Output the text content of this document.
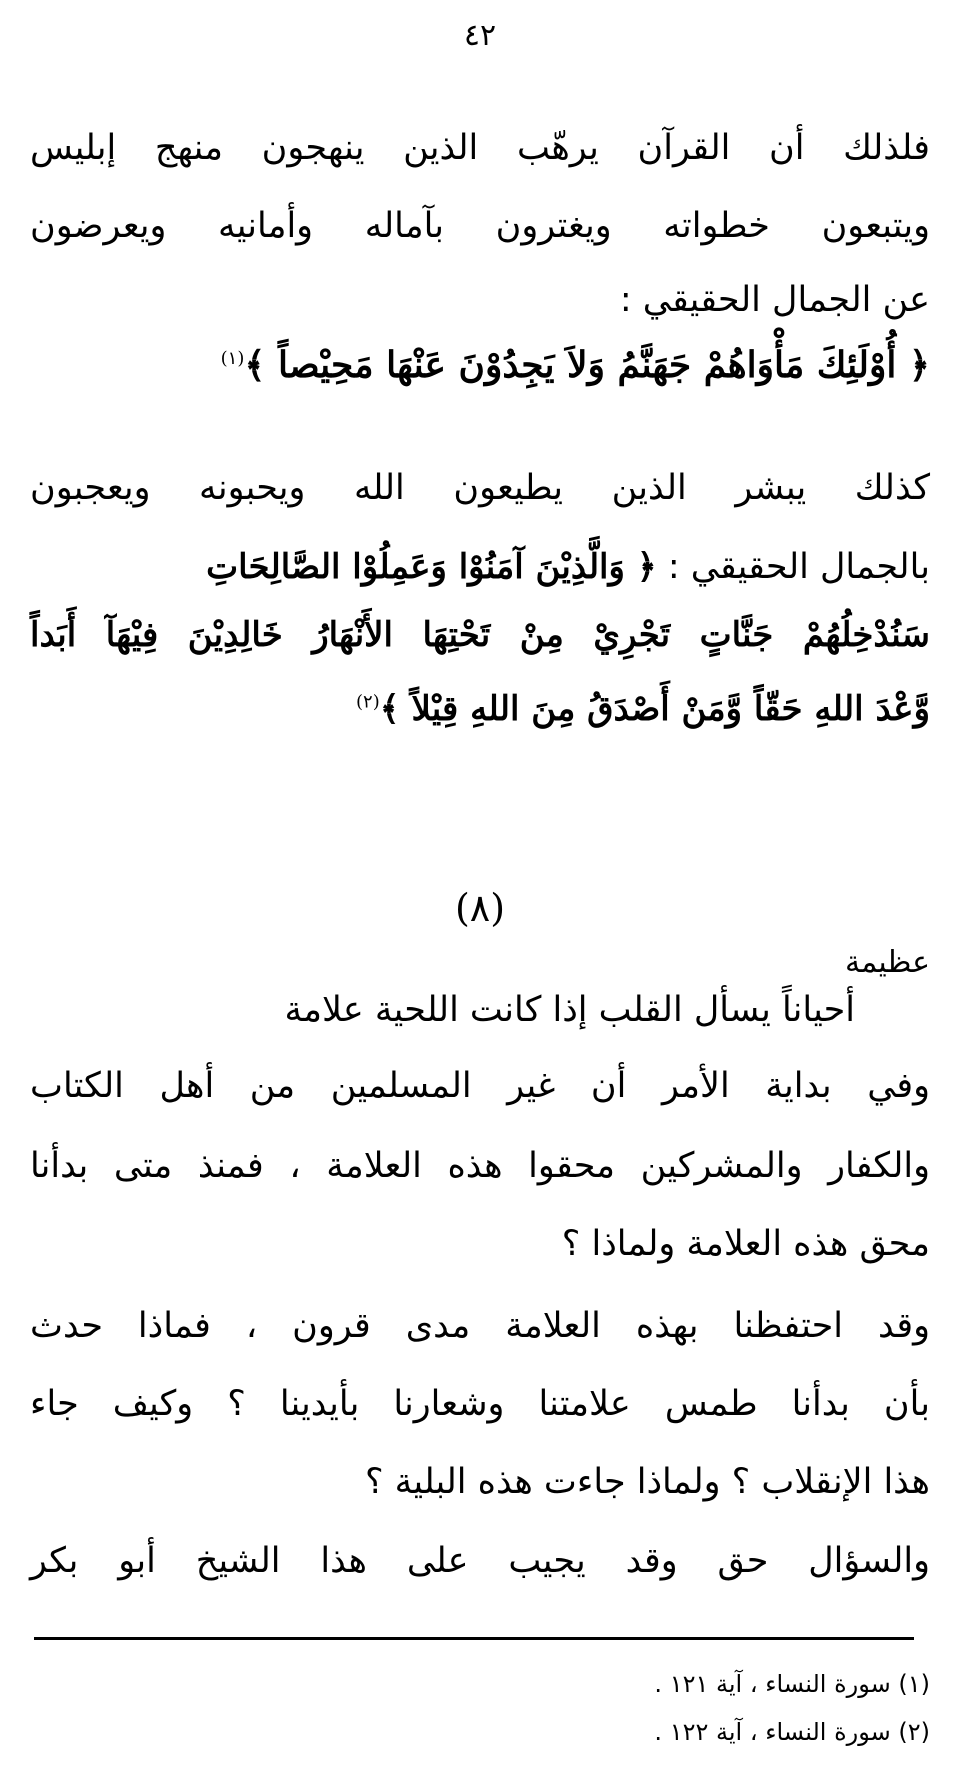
٤٢
فلذلك أن القرآن يرهّب الذين ينهجون منهج إبليس
ويتبعون خطواته ويغترون بآماله وأمانيه ويعرضون
عن الجمال الحقيقي :
﴿ أُوْلَئِكَ مَأْوَاهُمْ جَهَنَّمُ وَلاَ يَجِدُوْنَ عَنْهَا مَحِيْصاً ﴾$^{(١)}$
كذلك يبشر الذين يطيعون الله ويحبونه ويعجبون
بالجمال الحقيقي : ﴿ وَالَّذِيْنَ آمَنُوْا وَعَمِلُوْا الصَّالِحَاتِ
سَنُدْخِلُهُمْ جَنَّاتٍ تَجْرِيْ مِنْ تَحْتِهَا الأَنْهَارُ خَالِدِيْنَ فِيْهَآ أَبَداً
وَّعْدَ اللهِ حَقّاً وَّمَنْ أَصْدَقُ مِنَ اللهِ قِيْلاً ﴾$^{(٢)}$
(٨)
عظيمة
أحياناً يسأل القلب إذا كانت اللحية علامة
وفي بداية الأمر أن غير المسلمين من أهل الكتاب
والكفار والمشركين محقوا هذه العلامة ، فمنذ متى بدأنا
محق هذه العلامة ولماذا ؟
وقد احتفظنا بهذه العلامة مدى قرون ، فماذا حدث
بأن بدأنا طمس علامتنا وشعارنا بأيدينا ؟ وكيف جاء
هذا الإنقلاب ؟ ولماذا جاءت هذه البلية ؟
والسؤال حق وقد يجيب على هذا الشيخ أبو بكر
(١) سورة النساء ، آية ١٢١ .
(٢) سورة النساء ، آية ١٢٢ .
